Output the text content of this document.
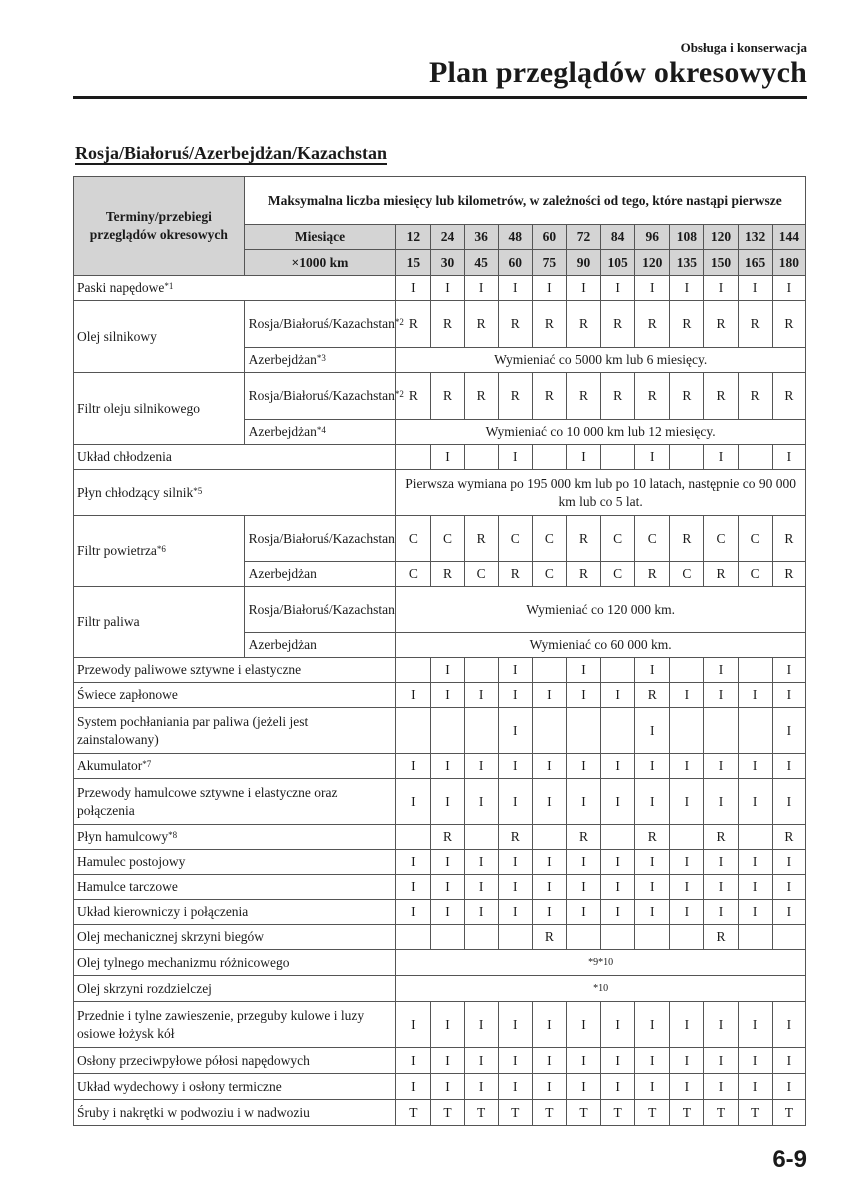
Obsługa i konserwacja
Plan przeglądów okresowych
Rosja/Białoruś/Azerbejdżan/Kazachstan
Terminy/przebiegi przeglądów okresowych	Maksymalna liczba miesięcy lub kilometrów, w zależności od tego, które nastąpi pierwsze												
	Miesiące	12	24	36	48	60	72	84	96	108	120	132	144
	×1000 km	15	30	45	60	75	90	105	120	135	150	165	180
Paski napędowe$^{*1}$		I	I	I	I	I	I	I	I	I	I	I	I
Olej silnikowy	Rosja/Białoruś/Kazachstan$^{*2}$	R	R	R	R	R	R	R	R	R	R	R	R
	Azerbejdżan$^{*3}$	Wymieniać co 5000 km lub 6 miesięcy.											
Filtr oleju silnikowego	Rosja/Białoruś/Kazachstan$^{*2}$	R	R	R	R	R	R	R	R	R	R	R	R
	Azerbejdżan$^{*4}$	Wymieniać co 10 000 km lub 12 miesięcy.											
Układ chłodzenia			I		I		I		I		I		I
Płyn chłodzący silnik$^{*5}$		Pierwsza wymiana po 195 000 km lub po 10 latach, następnie co 90 000 km lub co 5 lat.											
Filtr powietrza$^{*6}$	Rosja/Białoruś/Kazachstan	C	C	R	C	C	R	C	C	R	C	C	R
	Azerbejdżan	C	R	C	R	C	R	C	R	C	R	C	R
Filtr paliwa	Rosja/Białoruś/Kazachstan	Wymieniać co 120 000 km.											
	Azerbejdżan	Wymieniać co 60 000 km.											
Przewody paliwowe sztywne i elastyczne			I		I		I		I		I		I
Świece zapłonowe		I	I	I	I	I	I	I	R	I	I	I	I
System pochłaniania par paliwa (jeżeli jest zainstalowany)					I				I				I
Akumulator$^{*7}$		I	I	I	I	I	I	I	I	I	I	I	I
Przewody hamulcowe sztywne i elastyczne oraz połączenia		I	I	I	I	I	I	I	I	I	I	I	I
Płyn hamulcowy$^{*8}$			R		R		R		R		R		R
Hamulec postojowy		I	I	I	I	I	I	I	I	I	I	I	I
Hamulce tarczowe		I	I	I	I	I	I	I	I	I	I	I	I
Układ kierowniczy i połączenia		I	I	I	I	I	I	I	I	I	I	I	I
Olej mechanicznej skrzyni biegów						R					R		
Olej tylnego mechanizmu różnicowego		*9*10											
Olej skrzyni rozdzielczej		*10											
Przednie i tylne zawieszenie, przeguby kulowe i luzy osiowe łożysk kół		I	I	I	I	I	I	I	I	I	I	I	I
Osłony przeciwpyłowe półosi napędowych		I	I	I	I	I	I	I	I	I	I	I	I
Układ wydechowy i osłony termiczne		I	I	I	I	I	I	I	I	I	I	I	I
Śruby i nakrętki w podwoziu i w nadwoziu		T	T	T	T	T	T	T	T	T	T	T	T
6-9
